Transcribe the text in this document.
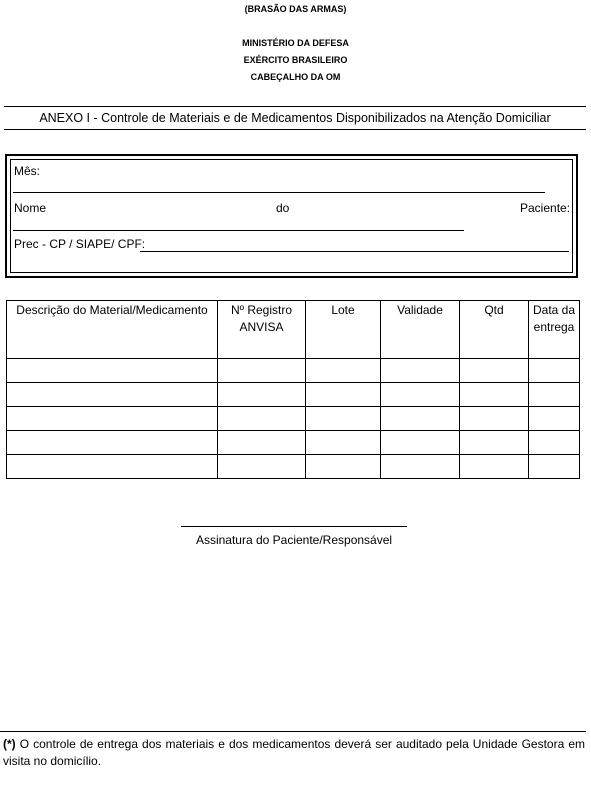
(BRASÃO DAS ARMAS)
MINISTÉRIO DA DEFESA
EXÉRCITO BRASILEIRO
CABEÇALHO DA OM
ANEXO I - Controle de Materiais e de Medicamentos Disponibilizados na Atenção Domiciliar
Mês:
Nome	do	Paciente:
Prec - CP / SIAPE/ CPF:
Descrição do Material/Medicamento	Nº Registro ANVISA	Lote	Validade	Qtd	Data da entrega

Assinatura do Paciente/Responsável
(*) O controle de entrega dos materiais e dos medicamentos deverá ser auditado pela Unidade Gestora em visita no domicílio.
